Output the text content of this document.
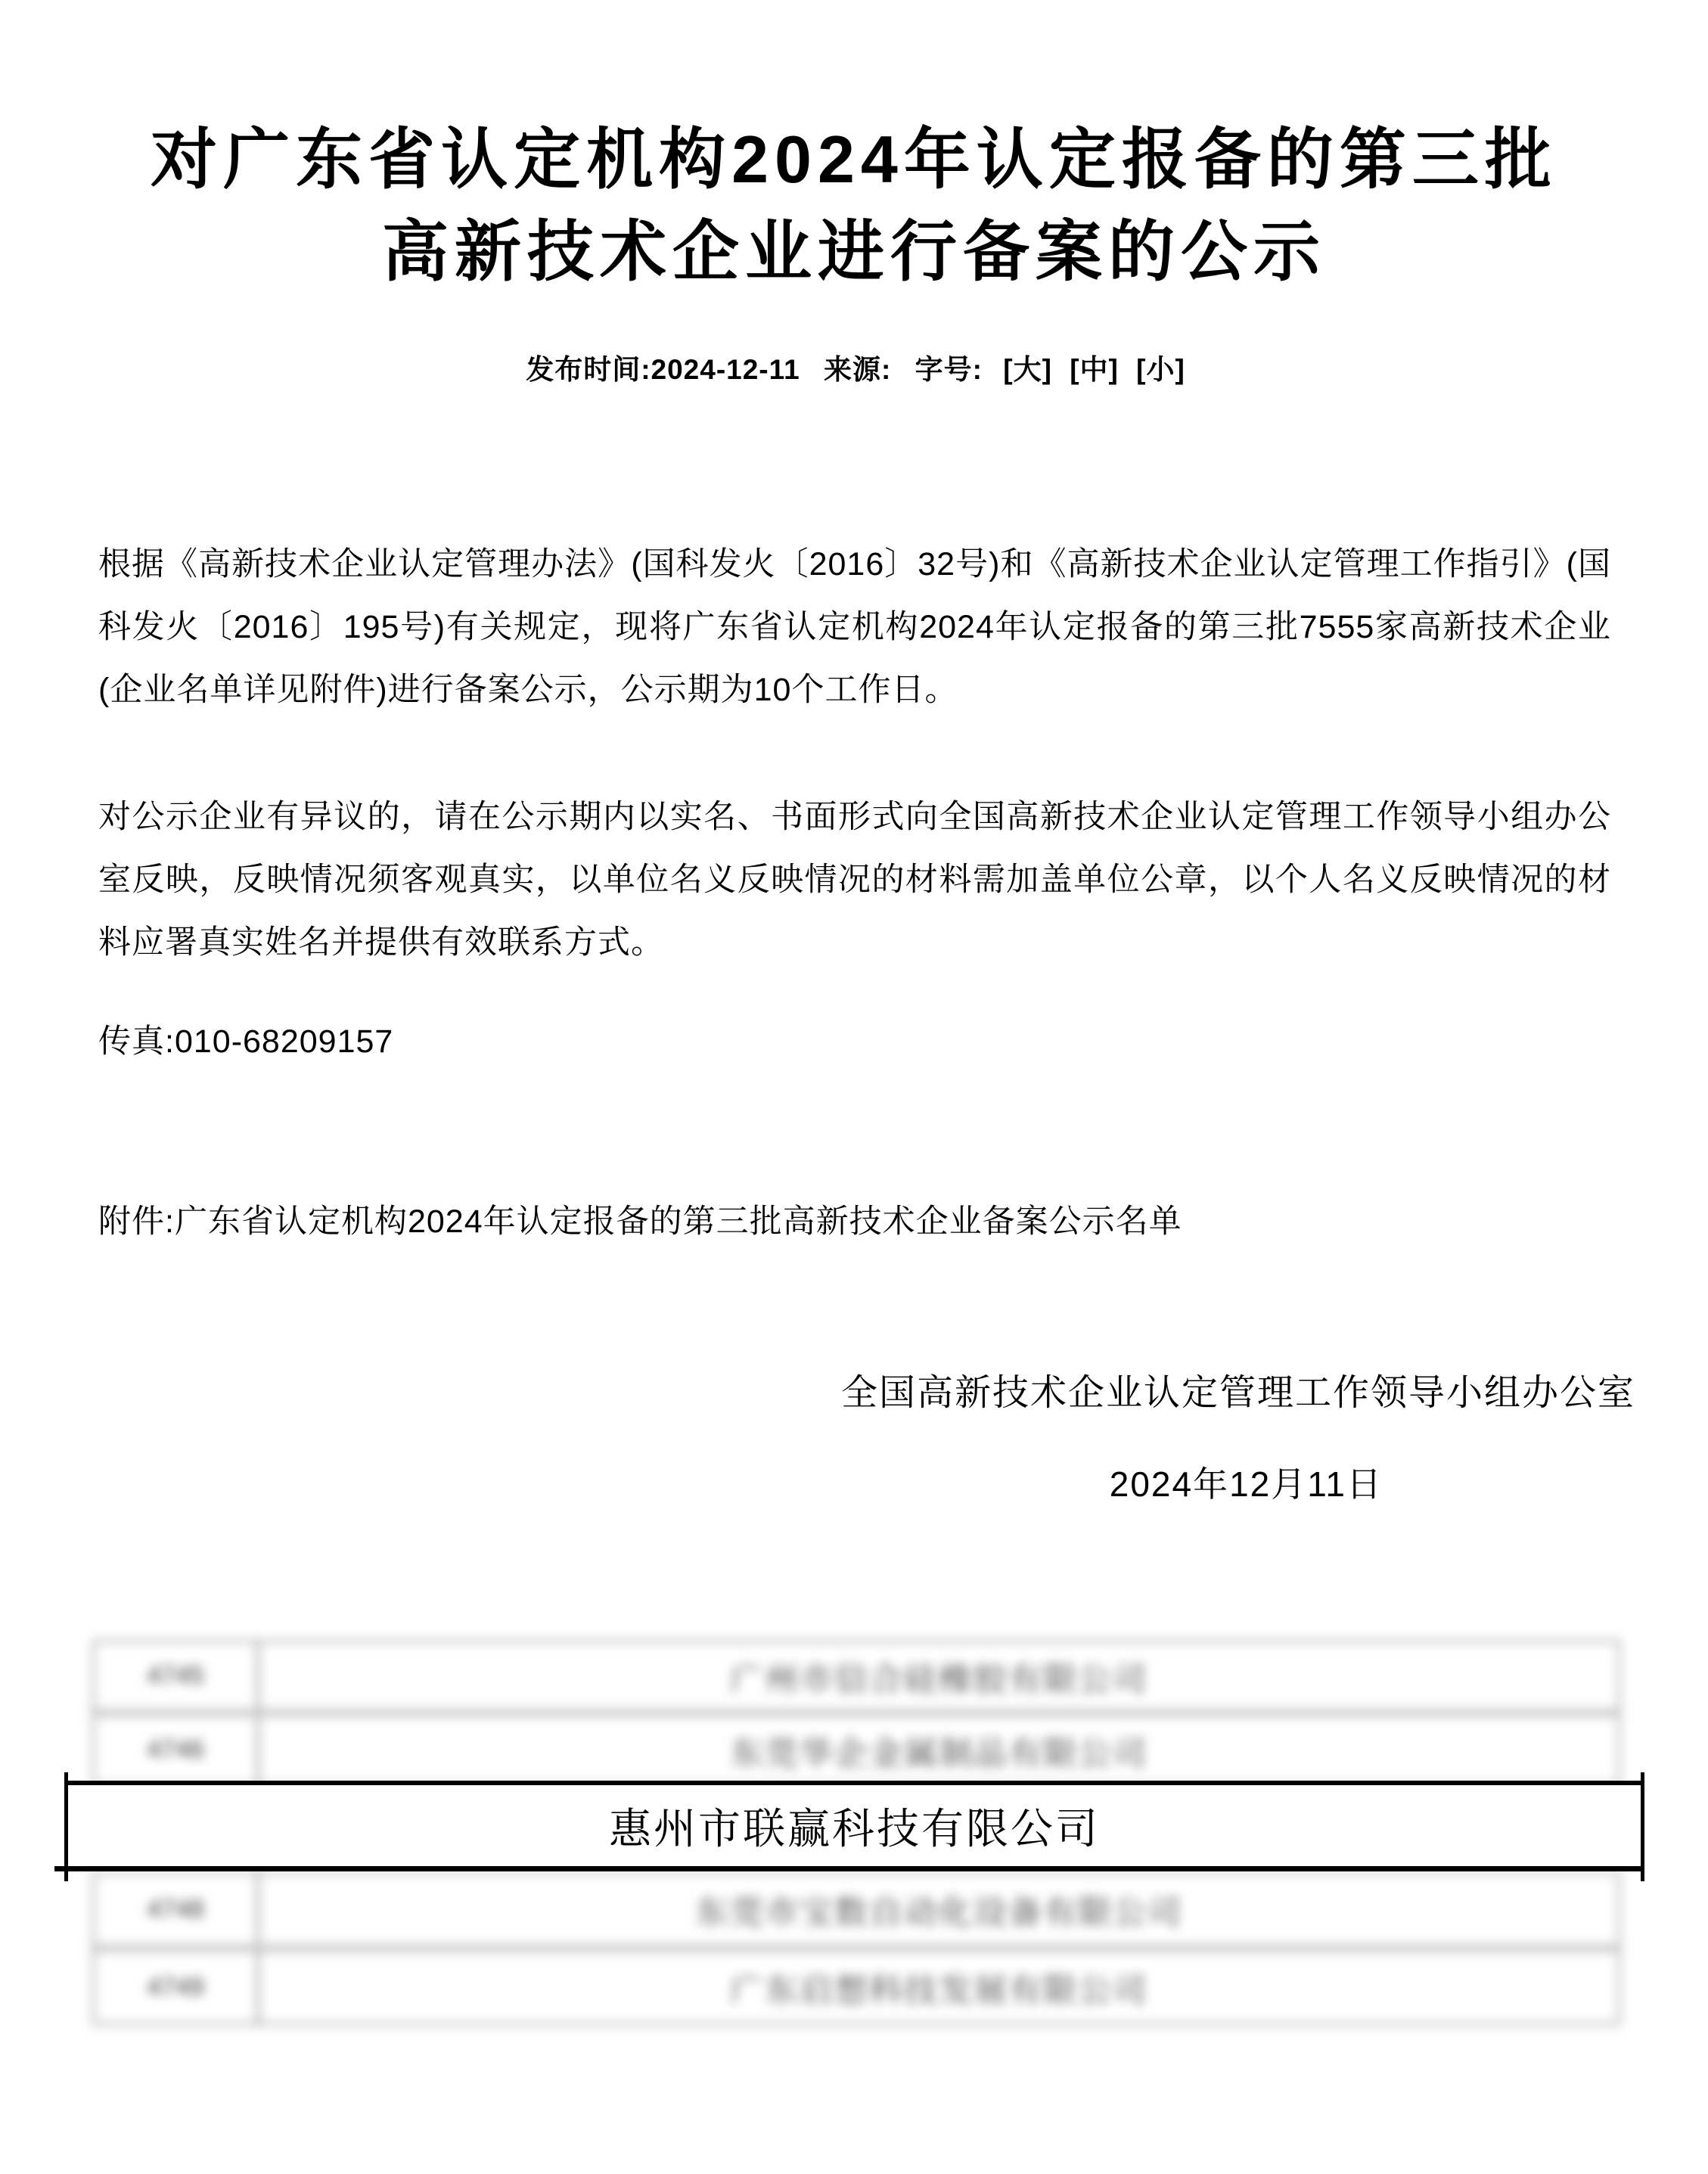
对广东省认定机构2024年认定报备的第三批
高新技术企业进行备案的公示
发布时间:2024-12-11 来源: 字号: [大] [中] [小]

根据《高新技术企业认定管理办法》(国科发火〔2016〕32号)和《高新技术企业认定管理工作指引》(国科发火〔2016〕195号)有关规定，现将广东省认定机构2024年认定报备的第三批7555家高新技术企业(企业名单详见附件)进行备案公示，公示期为10个工作日。

对公示企业有异议的，请在公示期内以实名、书面形式向全国高新技术企业认定管理工作领导小组办公室反映，反映情况须客观真实，以单位名义反映情况的材料需加盖单位公章，以个人名义反映情况的材料应署真实姓名并提供有效联系方式。

传真:010-68209157

附件:广东省认定机构2024年认定报备的第三批高新技术企业备案公示名单

全国高新技术企业认定管理工作领导小组办公室
2024年12月11日
4745	广州市信合硅橡胶有限公司
4746	东莞华企金属制品有限公司
惠州市联赢科技有限公司
4748	东莞市宝数自动化设备有限公司
4749	广东启想科技发展有限公司
